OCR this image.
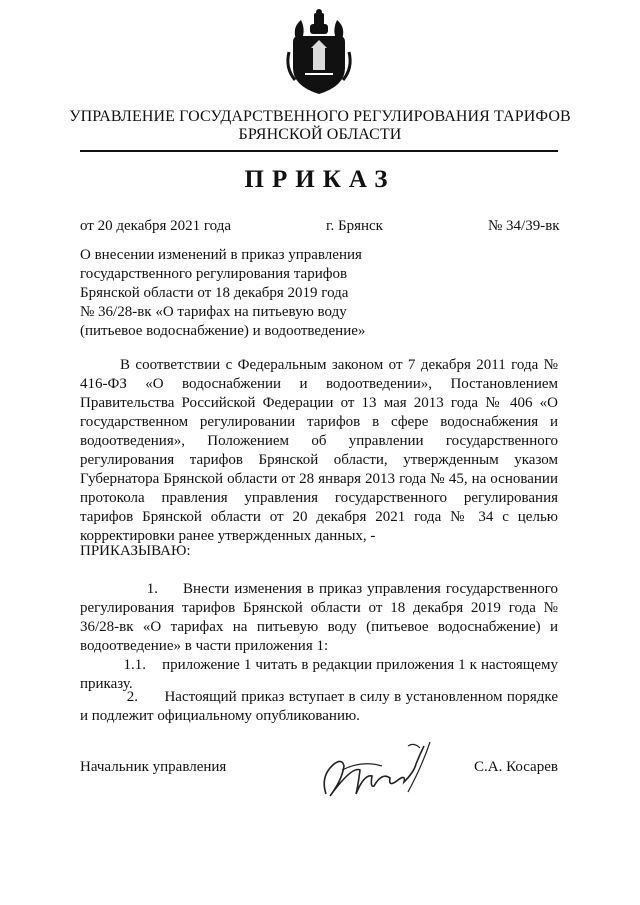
УПРАВЛЕНИЕ ГОСУДАРСТВЕННОГО РЕГУЛИРОВАНИЯ ТАРИФОВ
БРЯНСКОЙ ОБЛАСТИ
ПРИКАЗ
от 20 декабря 2021 года	г. Брянск	№ 34/39-вк
О внесении изменений в приказ управления
государственного регулирования тарифов
Брянской области от 18 декабря 2019 года
№ 36/28-вк «О тарифах на питьевую воду
(питьевое водоснабжение) и водоотведение»

В соответствии с Федеральным законом от 7 декабря 2011 года № 416-ФЗ «О водоснабжении и водоотведении», Постановлением Правительства Российской Федерации от 13 мая 2013 года № 406 «О государственном регулировании тарифов в сфере водоснабжения и водоотведения», Положением об управлении государственного регулирования тарифов Брянской области, утвержденным указом Губернатора Брянской области от 28 января 2013 года № 45, на основании протокола правления управления государственного регулирования тарифов Брянской области от 20 декабря 2021 года № 34 с целью корректировки ранее утвержденных данных, -

ПРИКАЗЫВАЮ:
1. Внести изменения в приказ управления государственного регулирования тарифов Брянской области от 18 декабря 2019 года № 36/28-вк «О тарифах на питьевую воду (питьевое водоснабжение) и водоотведение» в части приложения 1:
1.1. приложение 1 читать в редакции приложения 1 к настоящему приказу.
2. Настоящий приказ вступает в силу в установленном порядке и подлежит официальному опубликованию.
Начальник управления	С.А. Косарев
